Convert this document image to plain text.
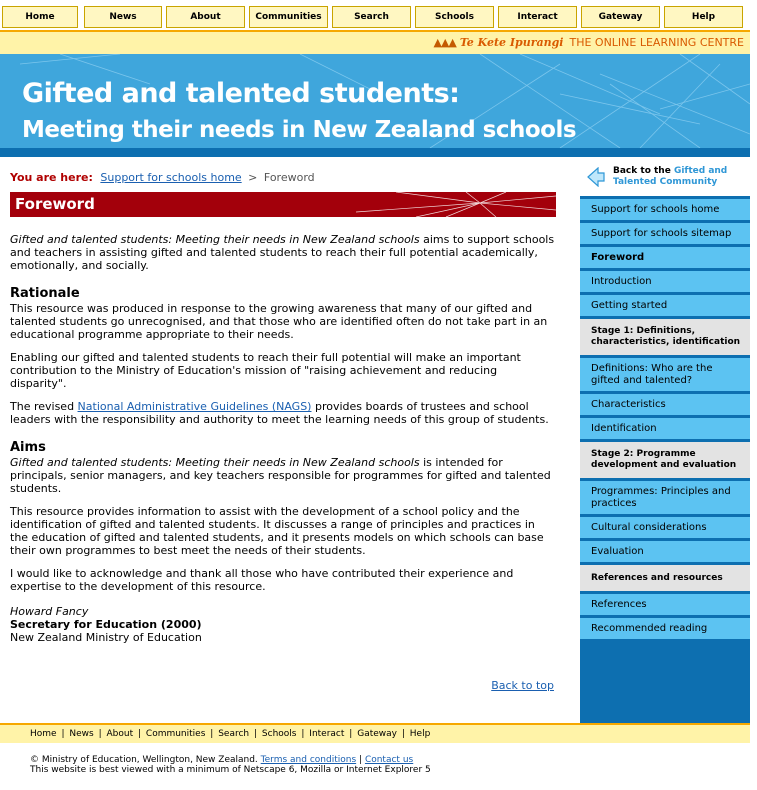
Home	News	About	Communities	Search	Schools	Interact	Gateway	Help
▲▲▲ Te Kete Ipurangi THE ONLINE LEARNING CENTRE
Gifted and talented students:
Meeting their needs in New Zealand schools
You are here: Support for schools home > Foreword
Foreword

Gifted and talented students: Meeting their needs in New Zealand schools aims to support schools and teachers in assisting gifted and talented students to reach their full potential academically, emotionally, and socially.

Rationale

This resource was produced in response to the growing awareness that many of our gifted and talented students go unrecognised, and that those who are identified often do not take part in an educational programme appropriate to their needs.

Enabling our gifted and talented students to reach their full potential will make an important contribution to the Ministry of Education's mission of "raising achievement and reducing disparity".

The revised National Administrative Guidelines (NAGS) provides boards of trustees and school leaders with the responsibility and authority to meet the learning needs of this group of students.

Aims

Gifted and talented students: Meeting their needs in New Zealand schools is intended for principals, senior managers, and key teachers responsible for programmes for gifted and talented students.

This resource provides information to assist with the development of a school policy and the identification of gifted and talented students. It discusses a range of principles and practices in the education of gifted and talented students, and it presents models on which schools can base their own programmes to best meet the needs of their students.

I would like to acknowledge and thank all those who have contributed their experience and expertise to the development of this resource.

Howard Fancy
Secretary for Education (2000)
New Zealand Ministry of Education
Back to top
Back to the Gifted and Talented Community
Support for schools home
Support for schools sitemap
Foreword
Introduction
Getting started
Stage 1: Definitions, characteristics, identification
Definitions: Who are the gifted and talented?
Characteristics
Identification
Stage 2: Programme development and evaluation
Programmes: Principles and practices
Cultural considerations
Evaluation
References and resources
References
Recommended reading
Home | News | About | Communities | Search | Schools | Interact | Gateway | Help
© Ministry of Education, Wellington, New Zealand. Terms and conditions | Contact us
This website is best viewed with a minimum of Netscape 6, Mozilla or Internet Explorer 5
